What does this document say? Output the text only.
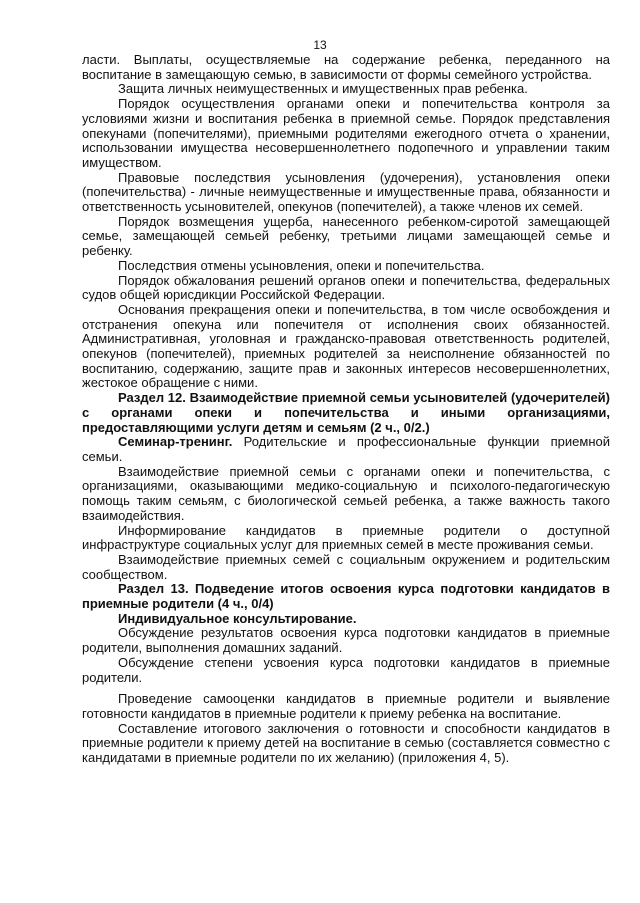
13

ласти. Выплаты, осуществляемые на содержание ребенка, переданного на воспитание в замещающую семью, в зависимости от формы семейного устройства.

Защита личных неимущественных и имущественных прав ребенка.

Порядок осуществления органами опеки и попечительства контроля за условиями жизни и воспитания ребенка в приемной семье. Порядок представления опекунами (попечителями), приемными родителями ежегодного отчета о хранении, использовании имущества несовершеннолетнего подопечного и управлении таким имуществом.

Правовые последствия усыновления (удочерения), установления опеки (попечительства) - личные неимущественные и имущественные права, обязанности и ответственность усыновителей, опекунов (попечителей), а также членов их семей.

Порядок возмещения ущерба, нанесенного ребенком-сиротой замещающей семье, замещающей семьей ребенку, третьими лицами замещающей семье и ребенку.

Последствия отмены усыновления, опеки и попечительства.

Порядок обжалования решений органов опеки и попечительства, федеральных судов общей юрисдикции Российской Федерации.

Основания прекращения опеки и попечительства, в том числе освобождения и отстранения опекуна или попечителя от исполнения своих обязанностей. Административная, уголовная и гражданско-правовая ответственность родителей, опекунов (попечителей), приемных родителей за неисполнение обязанностей по воспитанию, содержанию, защите прав и законных интересов несовершеннолетних, жестокое обращение с ними.

Раздел 12. Взаимодействие приемной семьи усыновителей (удочерителей) с органами опеки и попечительства и иными организациями, предоставляющими услуги детям и семьям (2 ч., 0/2.)

Семинар-тренинг. Родительские и профессиональные функции приемной семьи.

Взаимодействие приемной семьи с органами опеки и попечительства, с организациями, оказывающими медико-социальную и психолого-педагогическую помощь таким семьям, с биологической семьей ребенка, а также важность такого взаимодействия.

Информирование кандидатов в приемные родители о доступной инфраструктуре социальных услуг для приемных семей в месте проживания семьи.

Взаимодействие приемных семей с социальным окружением и родительским сообществом.

Раздел 13. Подведение итогов освоения курса подготовки кандидатов в приемные родители (4 ч., 0/4)

Индивидуальное консультирование.

Обсуждение результатов освоения курса подготовки кандидатов в приемные родители, выполнения домашних заданий.

Обсуждение степени усвоения курса подготовки кандидатов в приемные родители.

Проведение самооценки кандидатов в приемные родители и выявление готовности кандидатов в приемные родители к приему ребенка на воспитание.

Составление итогового заключения о готовности и способности кандидатов в приемные родители к приему детей на воспитание в семью (составляется совместно с кандидатами в приемные родители по их желанию) (приложения 4, 5).
